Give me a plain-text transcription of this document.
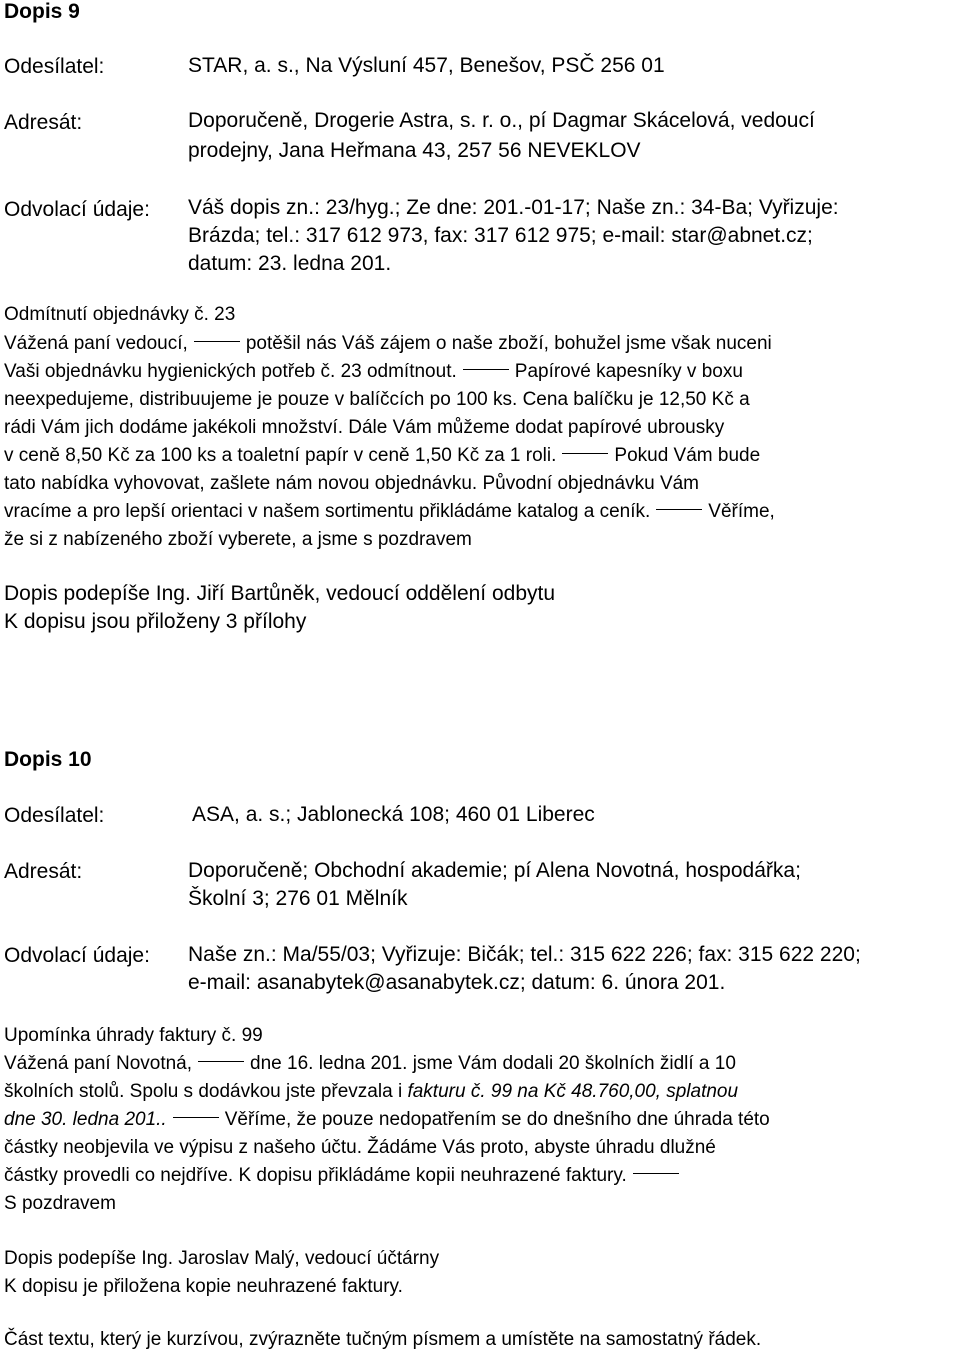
Dopis 9
Odesílatel:	STAR, a. s., Na Výsluní 457, Benešov, PSČ 256 01
Adresát:	Doporučeně, Drogerie Astra, s. r. o., pí Dagmar Skácelová, vedoucí
prodejny, Jana Heřmana 43, 257 56 NEVEKLOV
Odvolací údaje: Váš dopis zn.: 23/hyg.; Ze dne: 201.-01-17; Naše zn.: 34-Ba; Vyřizuje:
Brázda; tel.: 317 612 973, fax: 317 612 975; e-mail: star@abnet.cz;
datum: 23. ledna 201.
Odmítnutí objednávky č. 23
Vážená paní vedoucí,	potěšil nás Váš zájem o naše zboží, bohužel jsme však nuceni
Vaši objednávku hygienických potřeb č. 23 odmítnout.	Papírové kapesníky v boxu
neexpedujeme, distribuujeme je pouze v balíčcích po 100 ks. Cena balíčku je 12,50 Kč a
rádi Vám jich dodáme jakékoli množství. Dále Vám můžeme dodat papírové ubrousky
v ceně 8,50 Kč za 100 ks a toaletní papír v ceně 1,50 Kč za 1 roli.	Pokud Vám bude
tato nabídka vyhovovat, zašlete nám novou objednávku. Původní objednávku Vám
vracíme a pro lepší orientaci v našem sortimentu přikládáme katalog a ceník.	Věříme,
že si z nabízeného zboží vyberete, a jsme s pozdravem
Dopis podepíše Ing. Jiří Bartůněk, vedoucí oddělení odbytu
K dopisu jsou přiloženy 3 přílohy
Dopis 10
Odesílatel:	ASA, a. s.; Jablonecká 108; 460 01 Liberec
Adresát:	Doporučeně; Obchodní akademie; pí Alena Novotná, hospodářka;
Školní 3; 276 01 Mělník
Odvolací údaje: Naše zn.: Ma/55/03; Vyřizuje: Bičák; tel.: 315 622 226; fax: 315 622 220;
e-mail: asanabytek@asanabytek.cz; datum: 6. února 201.
Upomínka úhrady faktury č. 99
Vážená paní Novotná,	dne 16. ledna 201. jsme Vám dodali 20 školních židlí a 10
školních stolů. Spolu s dodávkou jste převzala i fakturu č. 99 na Kč 48.760,00, splatnou
dne 30. ledna 201..	Věříme, že pouze nedopatřením se do dnešního dne úhrada této
částky neobjevila ve výpisu z našeho účtu. Žádáme Vás proto, abyste úhradu dlužné
částky provedli co nejdříve. K dopisu přikládáme kopii neuhrazené faktury.
S pozdravem
Dopis podepíše Ing. Jaroslav Malý, vedoucí účtárny
K dopisu je přiložena kopie neuhrazené faktury.
Část textu, který je kurzívou, zvýrazněte tučným písmem a umístěte na samostatný řádek.
